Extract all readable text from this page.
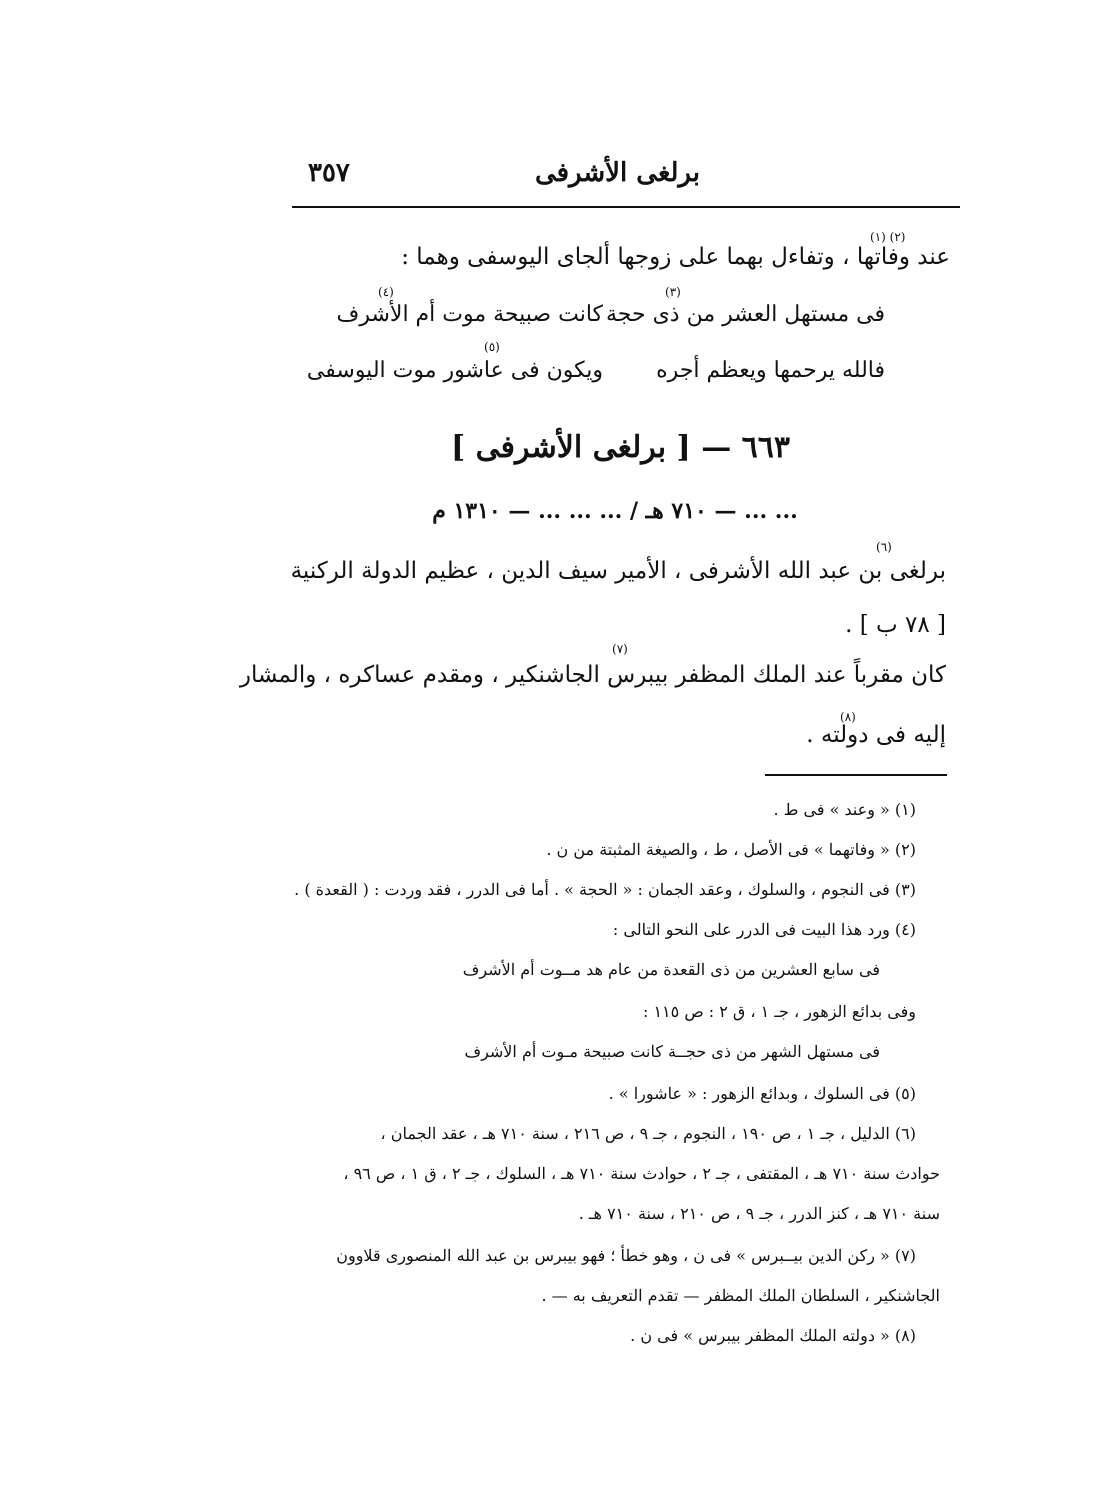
٣٥٧	برلغى الأشرفى
(٢) (١)
عند وفاتها ، وتفاءل بهما على زوجها ألجاى اليوسفى وهما :
(٣)
فى مستهل العشر من ذى حجة
(٤)
كانت صبيحة موت أم الأشرف
فالله يرحمها ويعظم أجره
(٥)
ويكون فى عاشور موت اليوسفى
٦٦٣ — [ برلغى الأشرفى ]
... ... — ٧١٠ هـ / ... ... ... — ١٣١٠ م
(٦)
برلغى بن عبد الله الأشرفى ، الأمير سيف الدين ، عظيم الدولة الركنية
[ ٧٨ ب ] .
(٧)
كان مقرباً عند الملك المظفر بيبرس الجاشنكير ، ومقدم عساكره ، والمشار
(٨)
إليه فى دولته .
(١) « وعند » فى ط .
(٢) « وفاتهما » فى الأصل ، ط ، والصيغة المثبتة من ن .
(٣) فى النجوم ، والسلوك ، وعقد الجمان : « الحجة » . أما فى الدرر ، فقد وردت : ( القعدة ) .
(٤) ورد هذا البيت فى الدرر على النحو التالى :
فى سابع العشرين من ذى القعدة من عام هد مــوت أم الأشرف
وفى بدائع الزهور ، جـ ١ ، ق ٢ : ص ١١٥ :
فى مستهل الشهر من ذى حجــة كانت صبيحة مـوت أم الأشرف
(٥) فى السلوك ، وبدائع الزهور : « عاشورا » .
(٦) الدليل ، جـ ١ ، ص ١٩٠ ، النجوم ، جـ ٩ ، ص ٢١٦ ، سنة ٧١٠ هـ ، عقد الجمان ،
حوادث سنة ٧١٠ هـ ، المقتفى ، جـ ٢ ، حوادث سنة ٧١٠ هـ ، السلوك ، جـ ٢ ، ق ١ ، ص ٩٦ ،
سنة ٧١٠ هـ ، كنز الدرر ، جـ ٩ ، ص ٢١٠ ، سنة ٧١٠ هـ .
(٧) « ركن الدين بيــبرس » فى ن ، وهو خطأ ؛ فهو بيبرس بن عبد الله المنصورى قلاوون
الجاشنكير ، السلطان الملك المظفر — تقدم التعريف به — .
(٨) « دولته الملك المظفر بيبرس » فى ن .
